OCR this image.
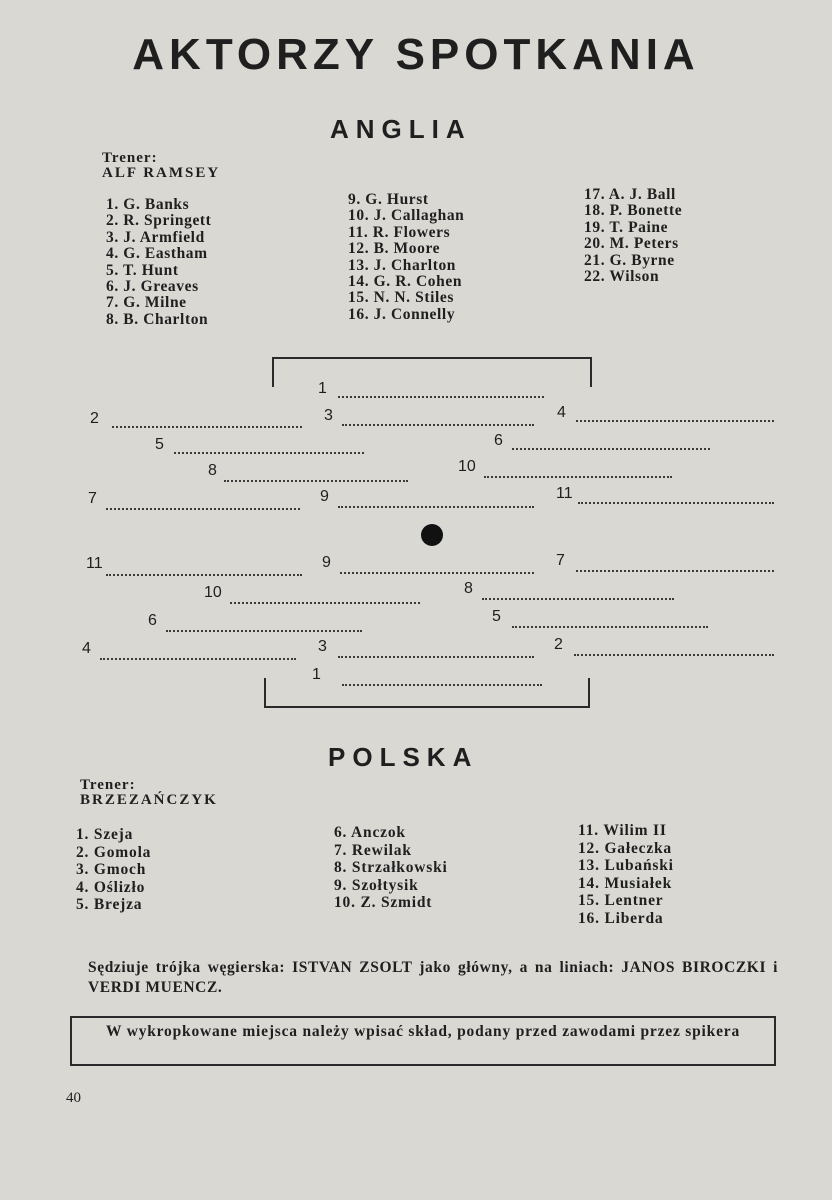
AKTORZY SPOTKANIA
ANGLIA
Trener:
ALF RAMSEY
1. G. Banks
2. R. Springett
3. J. Armfield
4. G. Eastham
5. T. Hunt
6. J. Greaves
7. G. Milne
8. B. Charlton
9. G. Hurst
10. J. Callaghan
11. R. Flowers
12. B. Moore
13. J. Charlton
14. G. R. Cohen
15. N. N. Stiles
16. J. Connelly
17. A. J. Ball
18. P. Bonette
19. T. Paine
20. M. Peters
21. G. Byrne
22. Wilson
1
2	3	4
5	6
8	10
7	9	11
11	9	7
10	8
6	5
4	3	2
1
POLSKA
Trener:
BRZEZAŃCZYK
1. Szeja
2. Gomola
3. Gmoch
4. Oślizło
5. Brejza
6. Anczok
7. Rewilak
8. Strzałkowski
9. Szołtysik
10. Z. Szmidt
11. Wilim II
12. Gałeczka
13. Lubański
14. Musiałek
15. Lentner
16. Liberda
Sędziuje trójka węgierska: ISTVAN ZSOLT jako główny, a na liniach: JANOS BIROCZKI i VERDI MUENCZ.
W wykropkowane miejsca należy wpisać skład, podany przed zawodami przez spikera
40
